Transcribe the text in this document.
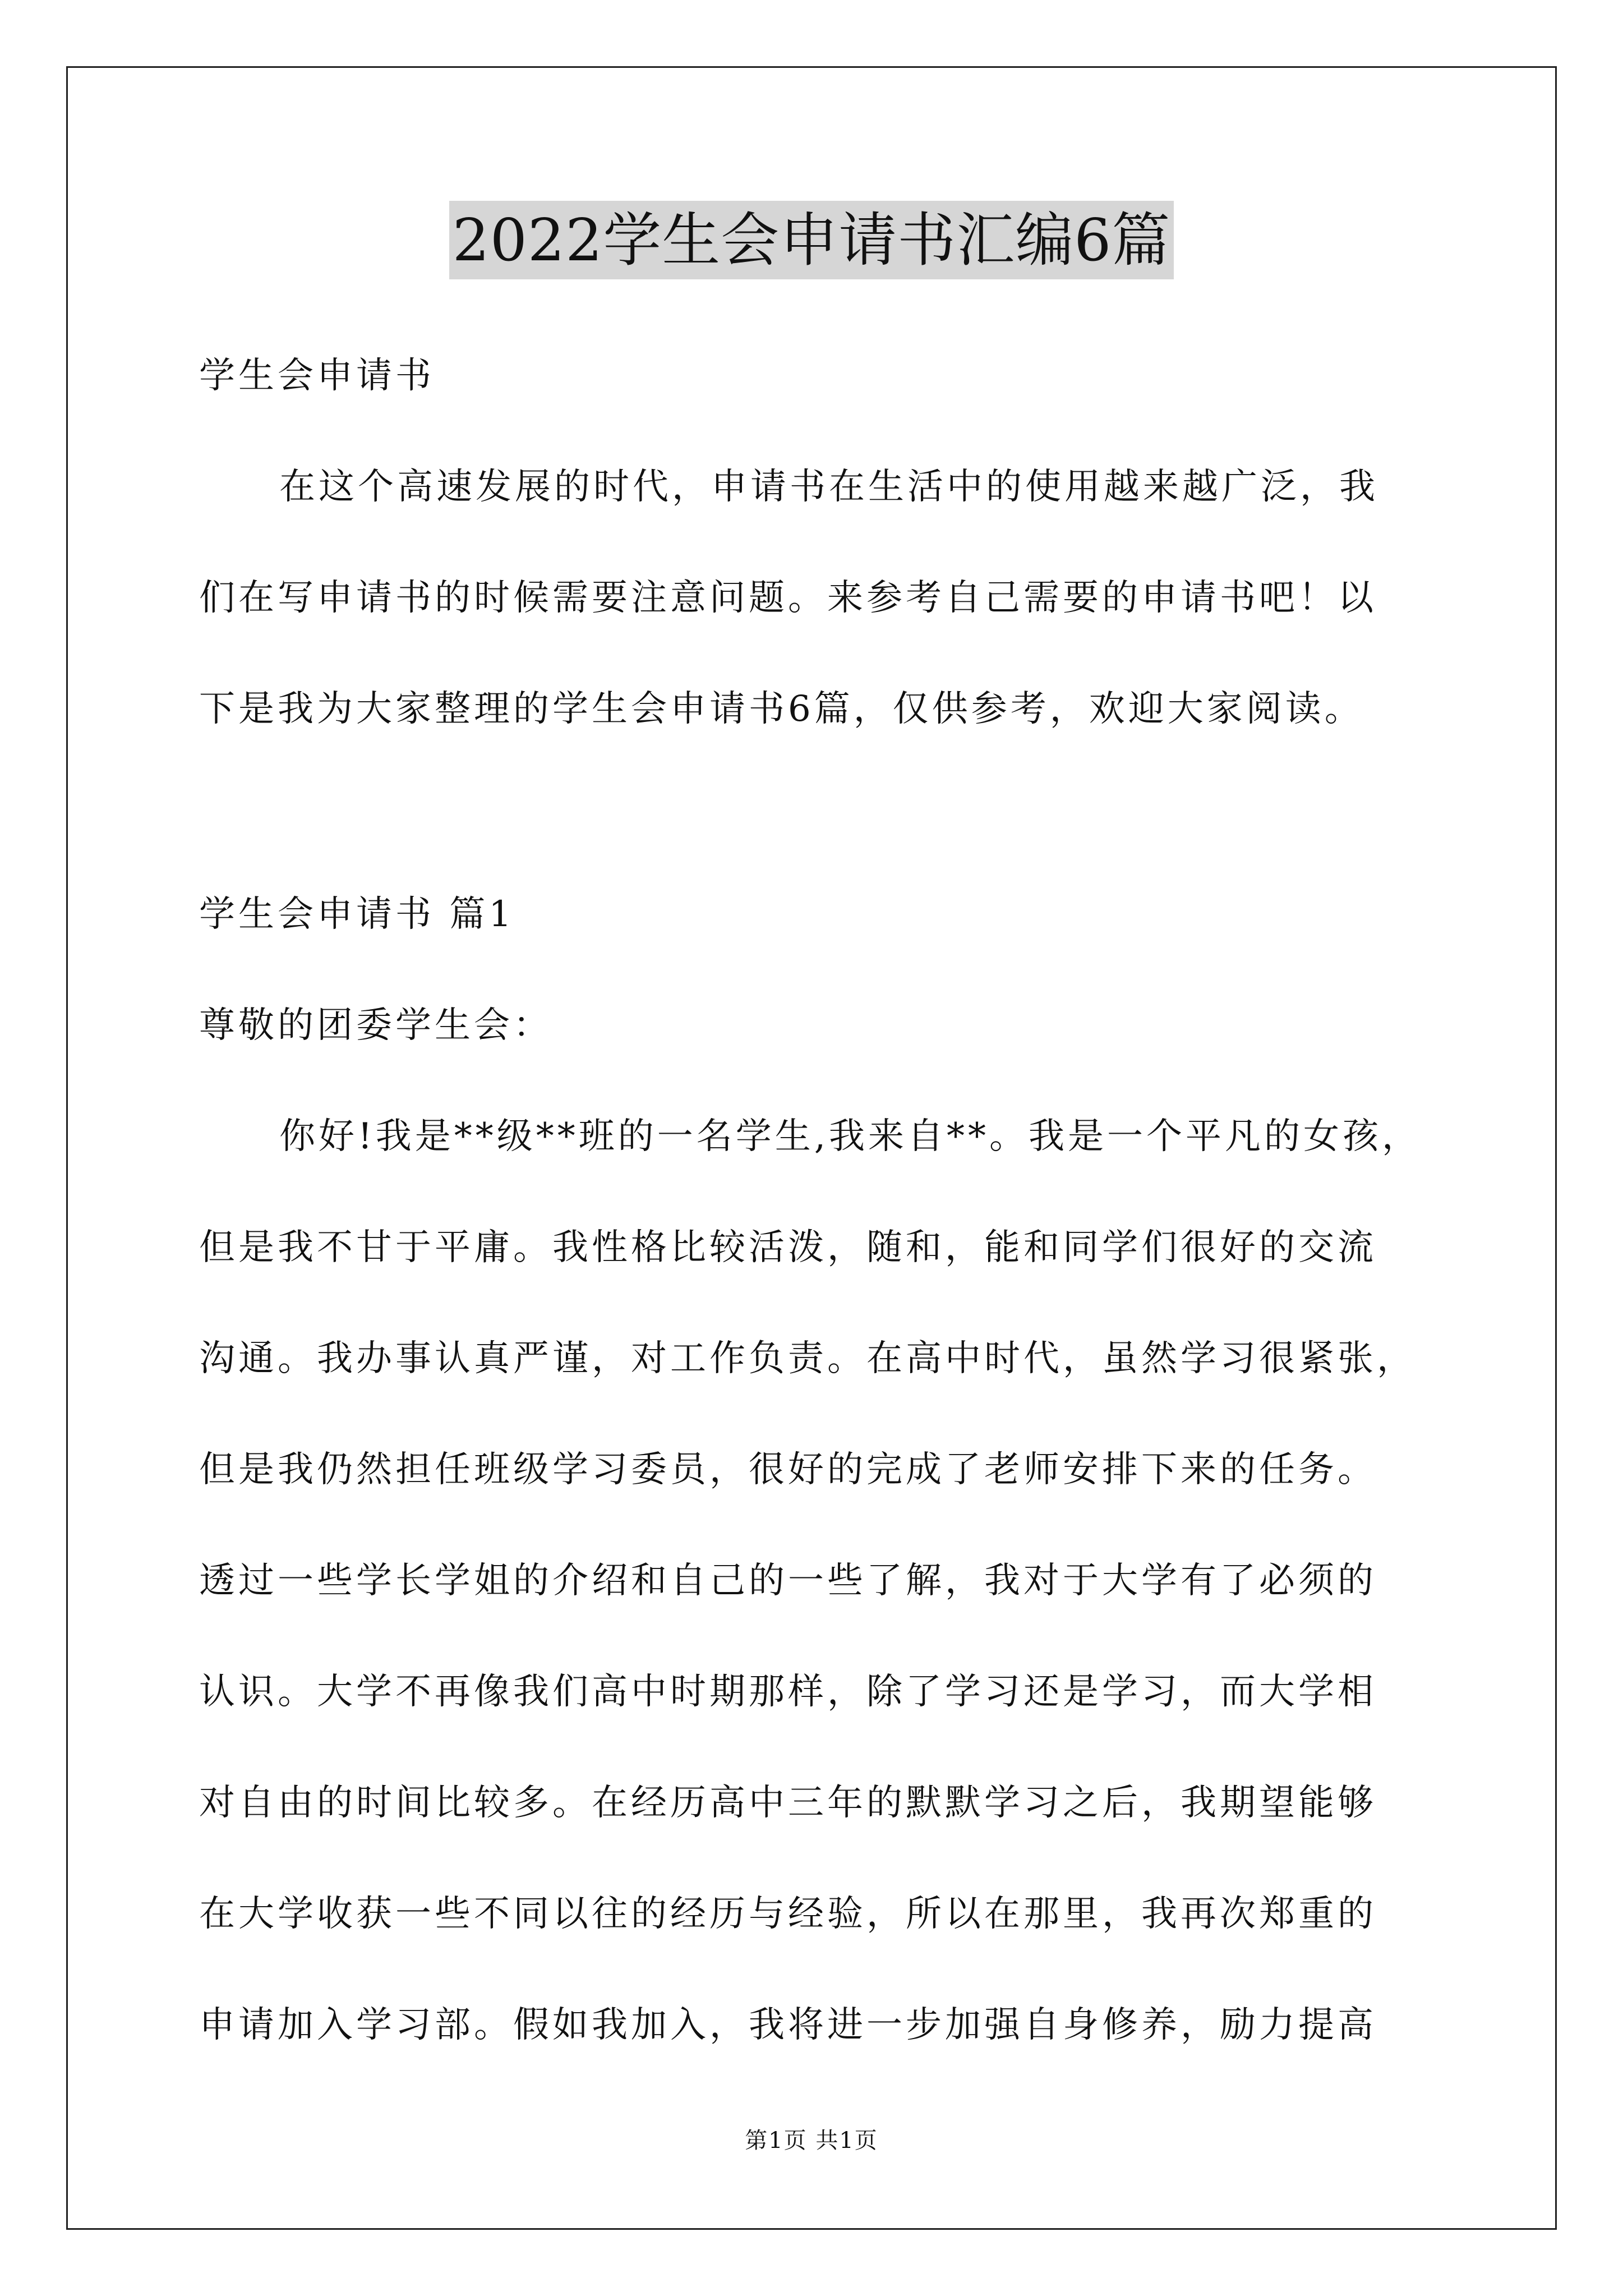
2022学生会申请书汇编6篇
学生会申请书
在这个高速发展的时代，申请书在生活中的使用越来越广泛，我
们在写申请书的时候需要注意问题。来参考自己需要的申请书吧！以
下是我为大家整理的学生会申请书6篇，仅供参考，欢迎大家阅读。
学生会申请书 篇1
尊敬的团委学生会：
你好!我是**级**班的一名学生,我来自**。我是一个平凡的女孩，
但是我不甘于平庸。我性格比较活泼，随和，能和同学们很好的交流
沟通。我办事认真严谨，对工作负责。在高中时代，虽然学习很紧张，
但是我仍然担任班级学习委员，很好的完成了老师安排下来的任务。
透过一些学长学姐的介绍和自己的一些了解，我对于大学有了必须的
认识。大学不再像我们高中时期那样，除了学习还是学习，而大学相
对自由的时间比较多。在经历高中三年的默默学习之后，我期望能够
在大学收获一些不同以往的经历与经验，所以在那里，我再次郑重的
申请加入学习部。假如我加入，我将进一步加强自身修养，励力提高
第1页 共1页
